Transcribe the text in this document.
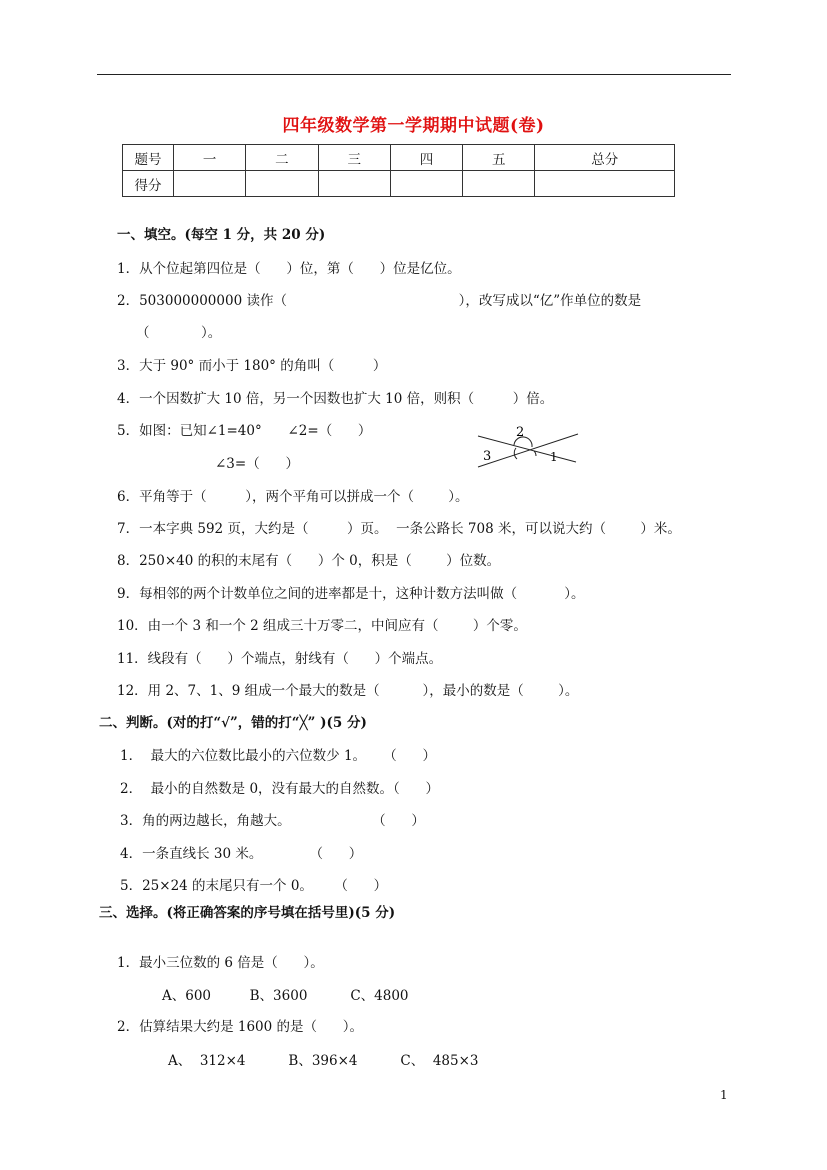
四年级数学第一学期期中试题(卷)
题号	一	二	三	四	五	总分
得分						
一、填空。(每空 1 分，共 20 分)
1．从个位起第四位是（      ）位，第（      ）位是亿位。
2．503000000000 读作（                                        ），改写成以“亿”作单位的数是
（            ）。
3．大于 90° 而小于 180° 的角叫（         ）
4．一个因数扩大 10 倍，另一个因数也扩大 10 倍，则积（         ）倍。
5．如图：已知∠1=40°      ∠2=（      ）
∠3=（      ）
2
3	1
6．平角等于（         ），两个平角可以拼成一个（        ）。
7．一本字典 592 页，大约是（         ）页。  一条公路长 708 米，可以说大约（        ）米。
8．250×40 的积的末尾有（      ）个 0，积是（        ）位数。
9．每相邻的两个计数单位之间的进率都是十，这种计数方法叫做（           ）。
10．由一个 3 和一个 2 组成三十万零二，中间应有（        ）个零。
11．线段有（      ）个端点，射线有（      ）个端点。
12．用 2、7、1、9 组成一个最大的数是（          ），最小的数是（        ）。
二、判断。(对的打“√”，错的打“╳” )(5 分)
1．  最大的六位数比最小的六位数少 1。    （      ）
2．  最小的自然数是 0，没有最大的自然数。（      ）
3．角的两边越长，角越大。                   （      ）
4．一条直线长 30 米。           （      ）
5．25×24 的末尾只有一个 0。     （      ）
三、选择。(将正确答案的序号填在括号里)(5 分)
1．最小三位数的 6 倍是（      ）。
A、600         B、3600          C、4800
2．估算结果大约是 1600 的是（      ）。
A、  312×4          B、396×4          C、  485×3
1
